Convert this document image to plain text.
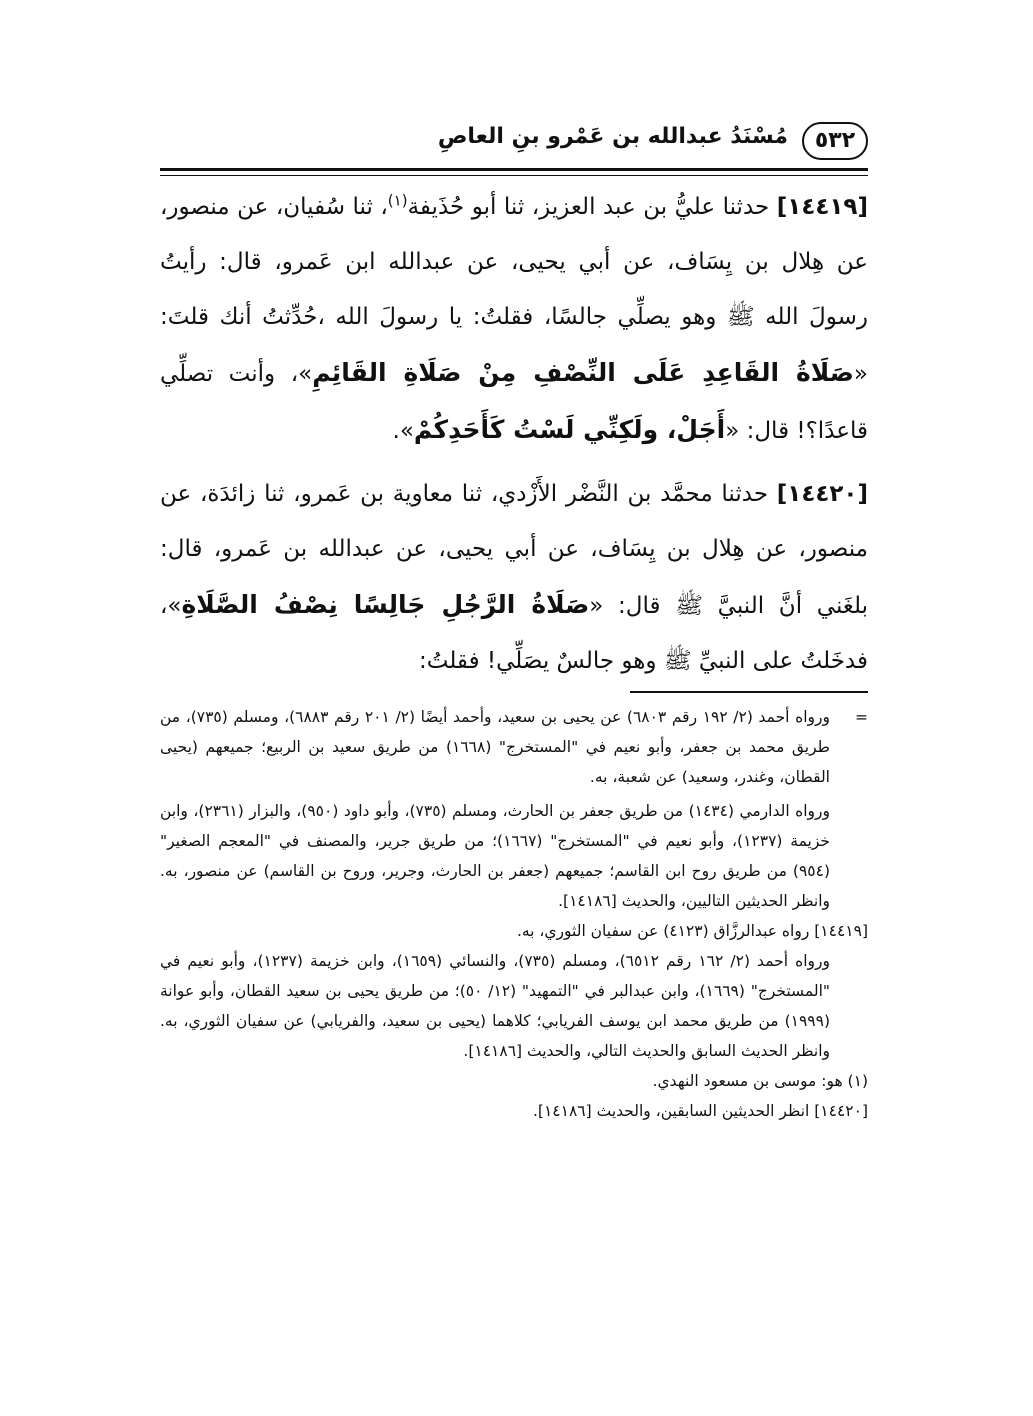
٥٣٢
مُسْنَدُ عبدالله بن عَمْرو بنِ العاصِ

[١٤٤١٩] حدثنا عليُّ بن عبد العزيز، ثنا أبو حُذَيفة$^{(١)}$، ثنا سُفيان، عن منصور، عن هِلال بن يِسَاف، عن أبي يحيى، عن عبدالله ابن عَمرو، قال: رأيتُ رسولَ الله ﷺ وهو يصلِّي جالسًا، فقلتُ: يا رسولَ الله ،حُدِّثتُ أنك قلتَ: «صَلَاةُ القَاعِدِ عَلَى النِّصْفِ مِنْ صَلَاةِ القَائِمِ»، وأنت تصلِّي قاعدًا؟! قال: «أَجَلْ، ولَكِنِّي لَسْتُ كَأَحَدِكُمْ».

[١٤٤٢٠] حدثنا محمَّد بن النَّضْر الأَزْدي، ثنا معاوية بن عَمرو، ثنا زائدَة، عن منصور، عن هِلال بن يِسَاف، عن أبي يحيى، عن عبدالله بن عَمرو، قال: بلغَني أنَّ النبيَّ ﷺ قال: «صَلَاةُ الرَّجُلِ جَالِسًا نِصْفُ الصَّلَاةِ»، فدخَلتُ على النبيِّ ﷺ وهو جالسٌ يصَلِّي! فقلتُ:

=
ورواه أحمد (٢/ ١٩٢ رقم ٦٨٠٣) عن يحيى بن سعيد، وأحمد أيضًا (٢/ ٢٠١ رقم ٦٨٨٣)، ومسلم (٧٣٥)، من طريق محمد بن جعفر، وأبو نعيم في "المستخرج" (١٦٦٨) من طريق سعيد بن الربيع؛ جميعهم (يحيى القطان، وغندر، وسعيد) عن شعبة، به.

ورواه الدارمي (١٤٣٤) من طريق جعفر بن الحارث، ومسلم (٧٣٥)، وأبو داود (٩٥٠)، والبزار (٢٣٦١)، وابن خزيمة (١٢٣٧)، وأبو نعيم في "المستخرج" (١٦٦٧)؛ من طريق جرير، والمصنف في "المعجم الصغير" (٩٥٤) من طريق روح ابن القاسم؛ جميعهم (جعفر بن الحارث، وجرير، وروح بن القاسم) عن منصور، به. وانظر الحديثين التاليين، والحديث [١٤١٨٦].

[١٤٤١٩] رواه عبدالرزَّاق (٤١٢٣) عن سفيان الثوري، به.

ورواه أحمد (٢/ ١٦٢ رقم ٦٥١٢)، ومسلم (٧٣٥)، والنسائي (١٦٥٩)، وابن خزيمة (١٢٣٧)، وأبو نعيم في "المستخرج" (١٦٦٩)، وابن عبدالبر في "التمهيد" (١٢/ ٥٠)؛ من طريق يحيى بن سعيد القطان، وأبو عوانة (١٩٩٩) من طريق محمد ابن يوسف الفريابي؛ كلاهما (يحيى بن سعيد، والفريابي) عن سفيان الثوري، به. وانظر الحديث السابق والحديث التالي، والحديث [١٤١٨٦].

(١) هو: موسى بن مسعود النهدي.

[١٤٤٢٠] انظر الحديثين السابقين، والحديث [١٤١٨٦].
